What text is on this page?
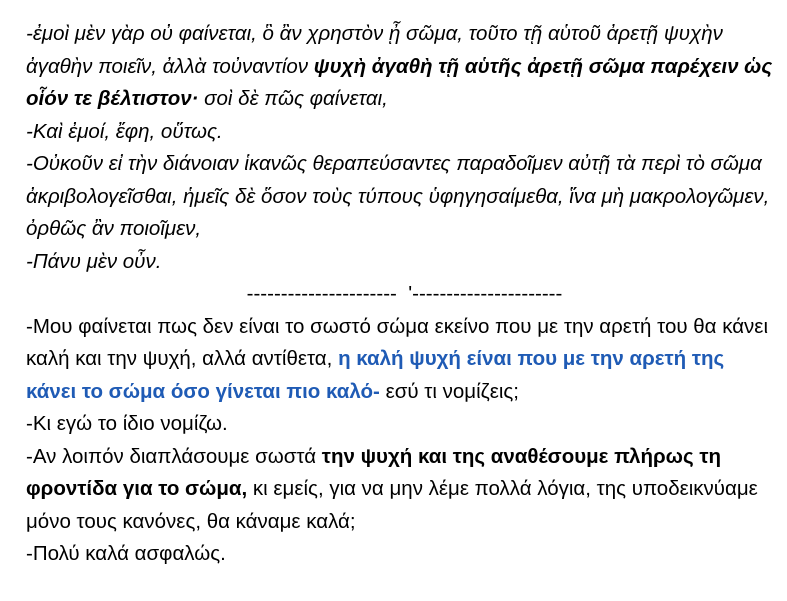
-ἐμοὶ μὲν γὰρ οὐ φαίνεται, ὃ ἂν χρηστὸν ᾖ σῶμα, τοῦτο τῇ αὑτοῦ ἀρετῇ ψυχὴν ἀγαθὴν ποιεῖν, ἀλλὰ τοὐναντίον ψυχὴ ἀγαθὴ τῇ αὑτῆς ἀρετῇ σῶμα παρέχειν ὡς οἷόν τε βέλτιστον· σοὶ δὲ πῶς φαίνεται,

-Καὶ ἐμοί, ἔφη, οὕτως.

-Οὐκοῦν εἰ τὴν διάνοιαν ἱκανῶς θεραπεύσαντες παραδοῖμεν αὐτῇ τὰ περὶ τὸ σῶμα ἀκριβολογεῖσθαι, ἡμεῖς δὲ ὅσον τοὺς τύπους ὑφηγησαίμεθα, ἵνα μὴ μακρολογῶμεν, ὀρθῶς ἂν ποιοῖμεν,

-Πάνυ μὲν οὖν.

----------------------  '----------------------

-Μου φαίνεται πως δεν είναι το σωστό σώμα εκείνο που με την αρετή του θα κάνει καλή και την ψυχή, αλλά αντίθετα, η καλή ψυχή είναι που με την αρετή της κάνει το σώμα όσο γίνεται πιο καλό- εσύ τι νομίζεις;

-Κι εγώ το ίδιο νομίζω.

-Αν λοιπόν διαπλάσουμε σωστά την ψυχή και της αναθέσουμε πλήρως τη φροντίδα για το σώμα, κι εμείς, για να μην λέμε πολλά λόγια, της υποδεικνύαμε μόνο τους κανόνες, θα κάναμε καλά;

-Πολύ καλά ασφαλώς.
